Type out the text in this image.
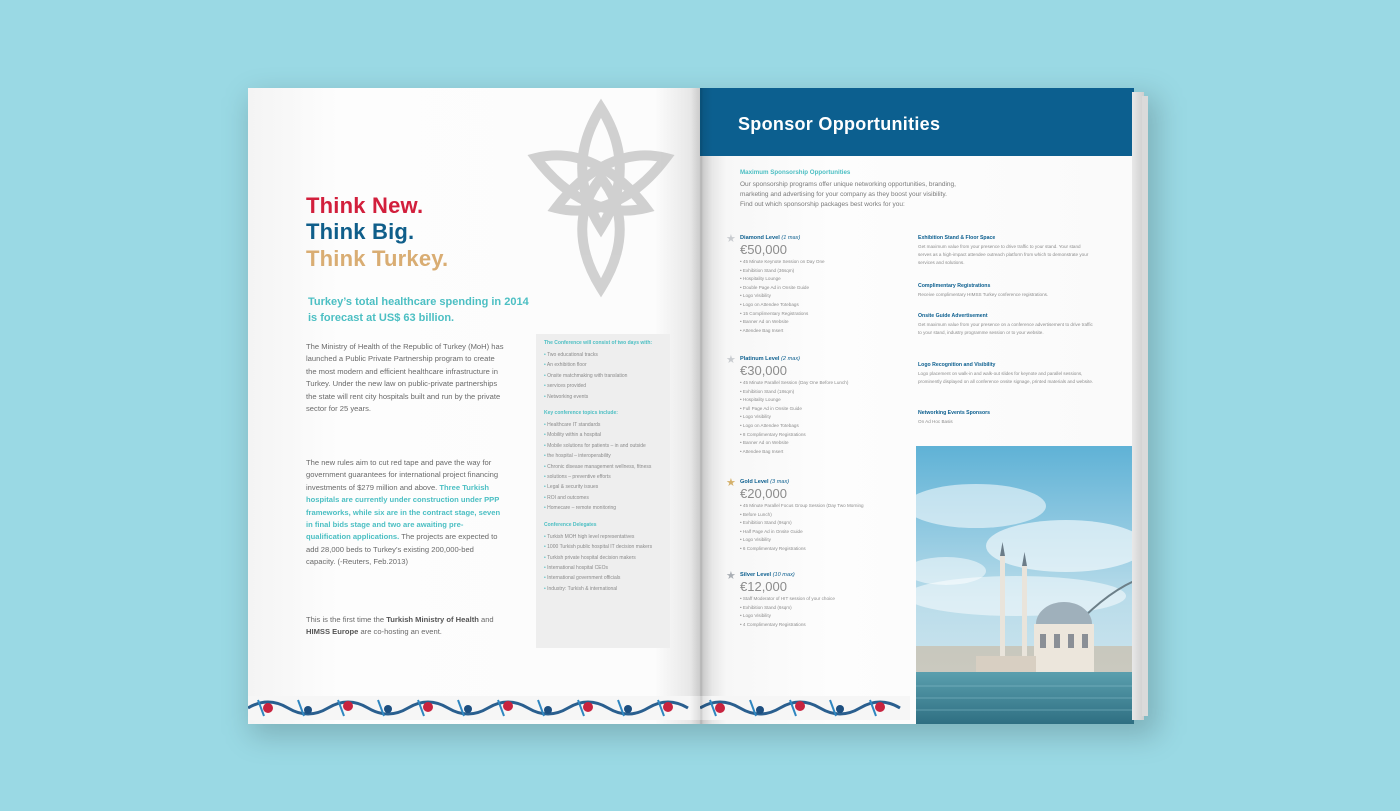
Think New.
Think Big.
Think Turkey.
Turkey’s total healthcare spending in 2014 is forecast at US$ 63 billion.
The Ministry of Health of the Republic of Turkey (MoH) has launched a Public Private Partnership program to create the most modern and efficient healthcare infrastructure in Turkey. Under the new law on public-private partnerships the state will rent city hospitals built and run by the private sector for 25 years.
The new rules aim to cut red tape and pave the way for government guarantees for international project financing investments of $279 million and above. Three Turkish hospitals are currently under construction under PPP frameworks, while six are in the contract stage, seven in final bids stage and two are awaiting pre-qualification applications. The projects are expected to add 28,000 beds to Turkey’s existing 200,000-bed capacity. (-Reuters, Feb.2013)
This is the first time the Turkish Ministry of Health and HIMSS Europe are co-hosting an event.
The Conference will consist of two days with:
• Two educational tracks
• An exhibition floor
• Onsite matchmaking with translation
• services provided
• Networking events
Key conference topics include:
• Healthcare IT standards
• Mobility within a hospital
• Mobile solutions for patients – in and outside
• the hospital – interoperability
• Chronic disease management wellness, fitness
• solutions – preventive efforts
• Legal & security issues
• ROI and outcomes
• Homecare – remote monitoring
Conference Delegates
• Turkish MOH high level representatives
• 1000 Turkish public hospital IT decision makers
• Turkish private hospital decision makers
• International hospital CEOs
• International government officials
• Industry: Turkish & international
Sponsor Opportunities
Maximum Sponsorship Opportunities
Our sponsorship programs offer unique networking opportunities, branding,
marketing and advertising for your company as they boost your visibility.
Find out which sponsorship packages best works for you:
★ Diamond Level (1 max)
€50,000
• 45 Minute Keynote Session on Day One
• Exhibition Stand (36sqm)
• Hospitality Lounge
• Double Page Ad in Onsite Guide
• Logo Visibility
• Logo on Attendee Totebags
• 15 Complimentary Registrations
• Banner Ad on Website
• Attendee Bag Insert
★ Platinum Level (2 max)
€30,000
• 45 Minute Parallel Session (Day One Before Lunch)
• Exhibition Stand (18sqm)
• Hospitality Lounge
• Full Page Ad in Onsite Guide
• Logo Visibility
• Logo on Attendee Totebags
• 8 Complimentary Registrations
• Banner Ad on Website
• Attendee Bag Insert
★ Gold Level (3 max)
€20,000
• 45 Minute Parallel Focus Group Session (Day Two Morning
• Before Lunch)
• Exhibition Stand (9sqm)
• Half Page Ad in Onsite Guide
• Logo Visibility
• 6 Complimentary Registrations
★ Silver Level (10 max)
€12,000
• Staff Moderator of HIT session of your choice
• Exhibition Stand (6sqm)
• Logo Visibility
• 4 Complimentary Registrations
Exhibition Stand & Floor Space
Get maximum value from your presence to drive traffic to your stand. Your stand serves as a high-impact attendee outreach platform from which to demonstrate your services and solutions.
Complimentary Registrations
Receive complimentary HIMSS Turkey conference registrations.
Onsite Guide Advertisement
Get maximum value from your presence on a conference advertisement to drive traffic to your stand, industry programme session or to your website.
Logo Recognition and Visibility
Logo placement on walk-in and walk-out slides for keynote and parallel sessions, prominently displayed on all conference onsite signage, printed materials and website.
Networking Events Sponsors
On Ad Hoc Basis
